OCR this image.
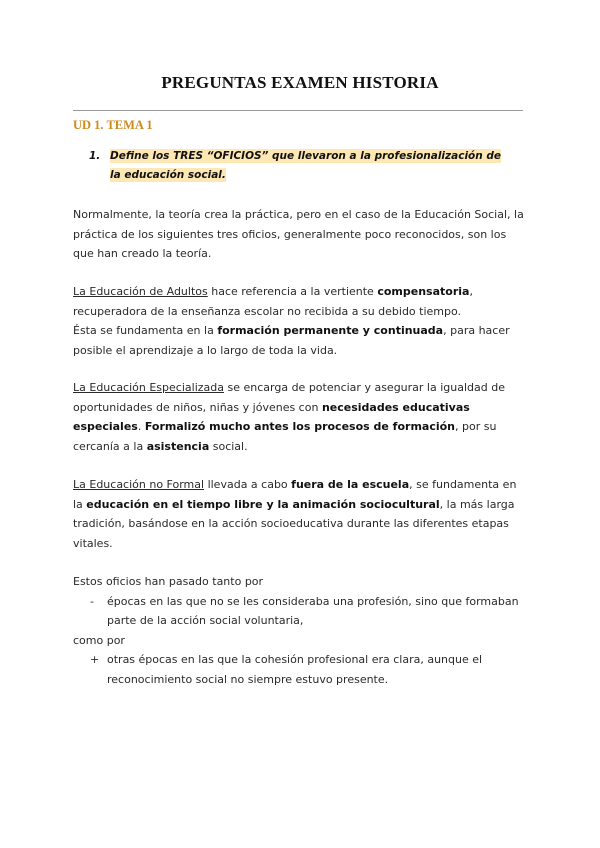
PREGUNTAS EXAMEN HISTORIA
UD 1. TEMA 1
1. Define los TRES “OFICIOS” que llevaron a la profesionalización de la educación social.
Normalmente, la teoría crea la práctica, pero en el caso de la Educación Social, la práctica de los siguientes tres oficios, generalmente poco reconocidos, son los que han creado la teoría.
La Educación de Adultos hace referencia a la vertiente compensatoria, recuperadora de la enseñanza escolar no recibida a su debido tiempo.
Ésta se fundamenta en la formación permanente y continuada, para hacer posible el aprendizaje a lo largo de toda la vida.
La Educación Especializada se encarga de potenciar y asegurar la igualdad de oportunidades de niños, niñas y jóvenes con necesidades educativas especiales. Formalizó mucho antes los procesos de formación, por su cercanía a la asistencia social.
La Educación no Formal llevada a cabo fuera de la escuela, se fundamenta en la educación en el tiempo libre y la animación sociocultural, la más larga tradición, basándose en la acción socioeducativa durante las diferentes etapas vitales.
Estos oficios han pasado tanto por
- épocas en las que no se les consideraba una profesión, sino que formaban parte de la acción social voluntaria,
como por
+ otras épocas en las que la cohesión profesional era clara, aunque el reconocimiento social no siempre estuvo presente.
